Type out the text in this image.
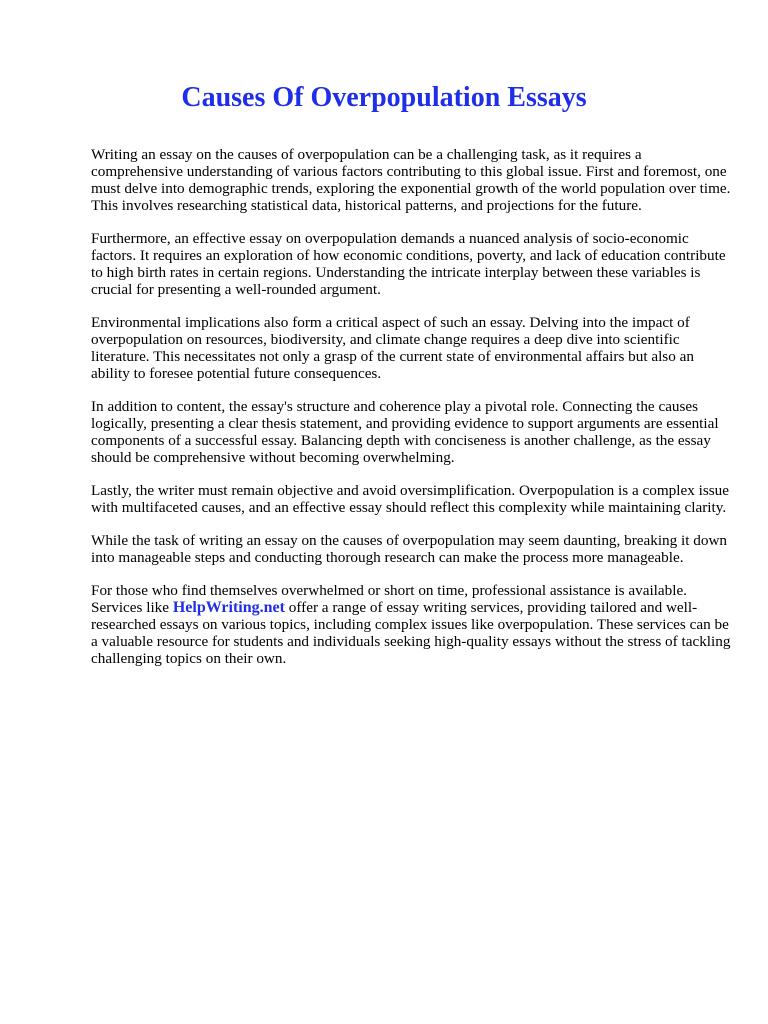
Causes Of Overpopulation Essays

Writing an essay on the causes of overpopulation can be a challenging task, as it requires a comprehensive understanding of various factors contributing to this global issue. First and foremost, one must delve into demographic trends, exploring the exponential growth of the world population over time. This involves researching statistical data, historical patterns, and projections for the future.

Furthermore, an effective essay on overpopulation demands a nuanced analysis of socio-economic factors. It requires an exploration of how economic conditions, poverty, and lack of education contribute to high birth rates in certain regions. Understanding the intricate interplay between these variables is crucial for presenting a well-rounded argument.

Environmental implications also form a critical aspect of such an essay. Delving into the impact of overpopulation on resources, biodiversity, and climate change requires a deep dive into scientific literature. This necessitates not only a grasp of the current state of environmental affairs but also an ability to foresee potential future consequences.

In addition to content, the essay's structure and coherence play a pivotal role. Connecting the causes logically, presenting a clear thesis statement, and providing evidence to support arguments are essential components of a successful essay. Balancing depth with conciseness is another challenge, as the essay should be comprehensive without becoming overwhelming.

Lastly, the writer must remain objective and avoid oversimplification. Overpopulation is a complex issue with multifaceted causes, and an effective essay should reflect this complexity while maintaining clarity.

While the task of writing an essay on the causes of overpopulation may seem daunting, breaking it down into manageable steps and conducting thorough research can make the process more manageable.

For those who find themselves overwhelmed or short on time, professional assistance is available. Services like HelpWriting.net offer a range of essay writing services, providing tailored and well-researched essays on various topics, including complex issues like overpopulation. These services can be a valuable resource for students and individuals seeking high-quality essays without the stress of tackling challenging topics on their own.
